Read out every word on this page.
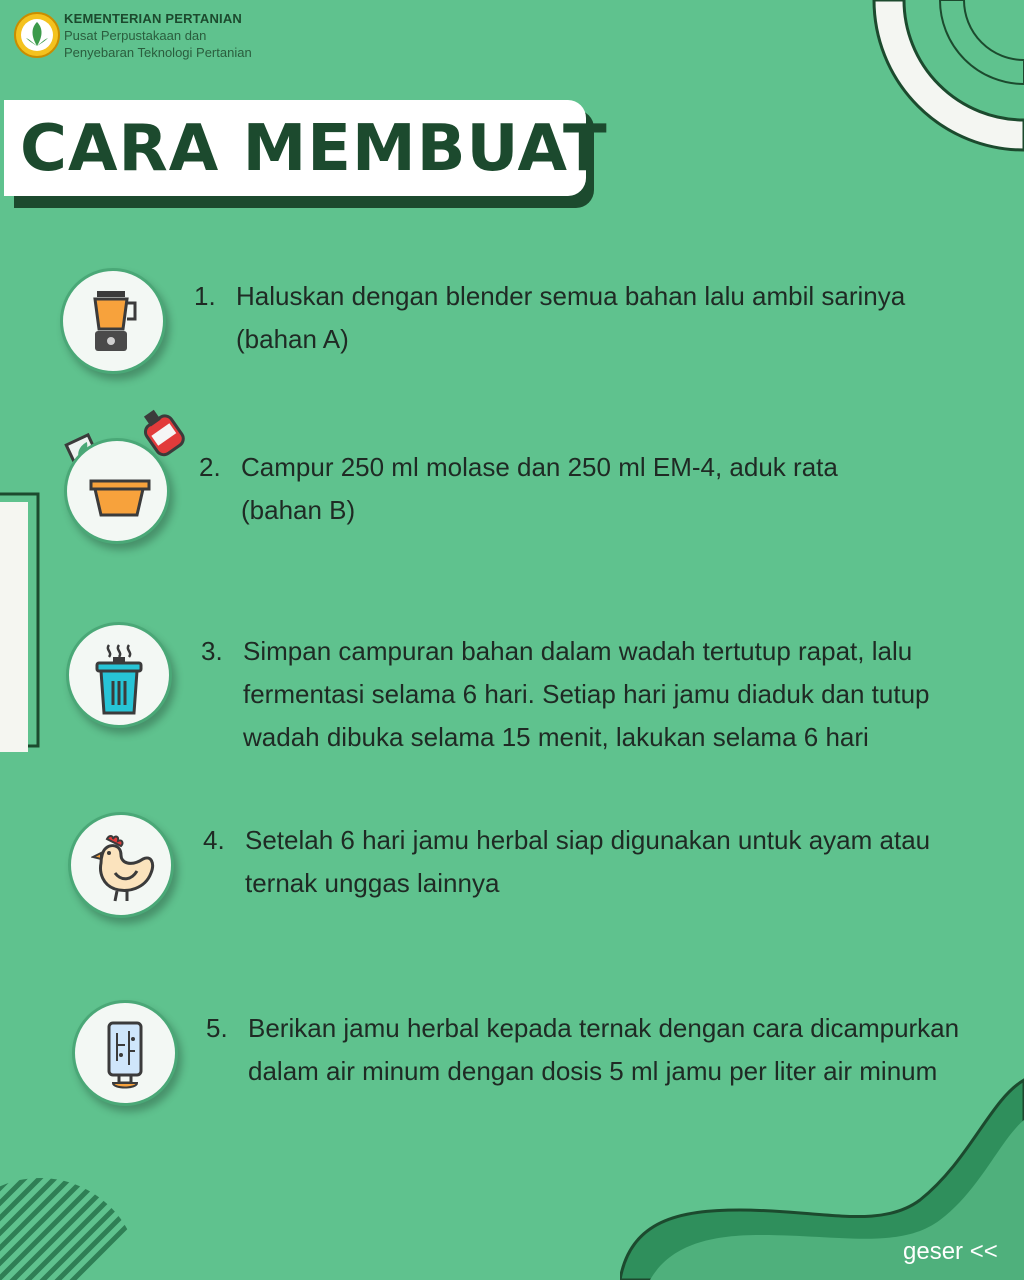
KEMENTERIAN PERTANIAN
Pusat Perpustakaan dan
Penyebaran Teknologi Pertanian
CARA MEMBUAT
1. Haluskan dengan blender semua bahan lalu ambil sarinya (bahan A)
2. Campur 250 ml molase dan 250 ml EM-4, aduk rata (bahan B)
3. Simpan campuran bahan dalam wadah tertutup rapat, lalu fermentasi selama 6 hari. Setiap hari jamu diaduk dan tutup wadah dibuka selama 15 menit, lakukan selama 6 hari
4. Setelah 6 hari jamu herbal siap digunakan untuk ayam atau ternak unggas lainnya
5. Berikan jamu herbal kepada ternak dengan cara dicampurkan dalam air minum dengan dosis 5 ml jamu per liter air minum
geser <<
